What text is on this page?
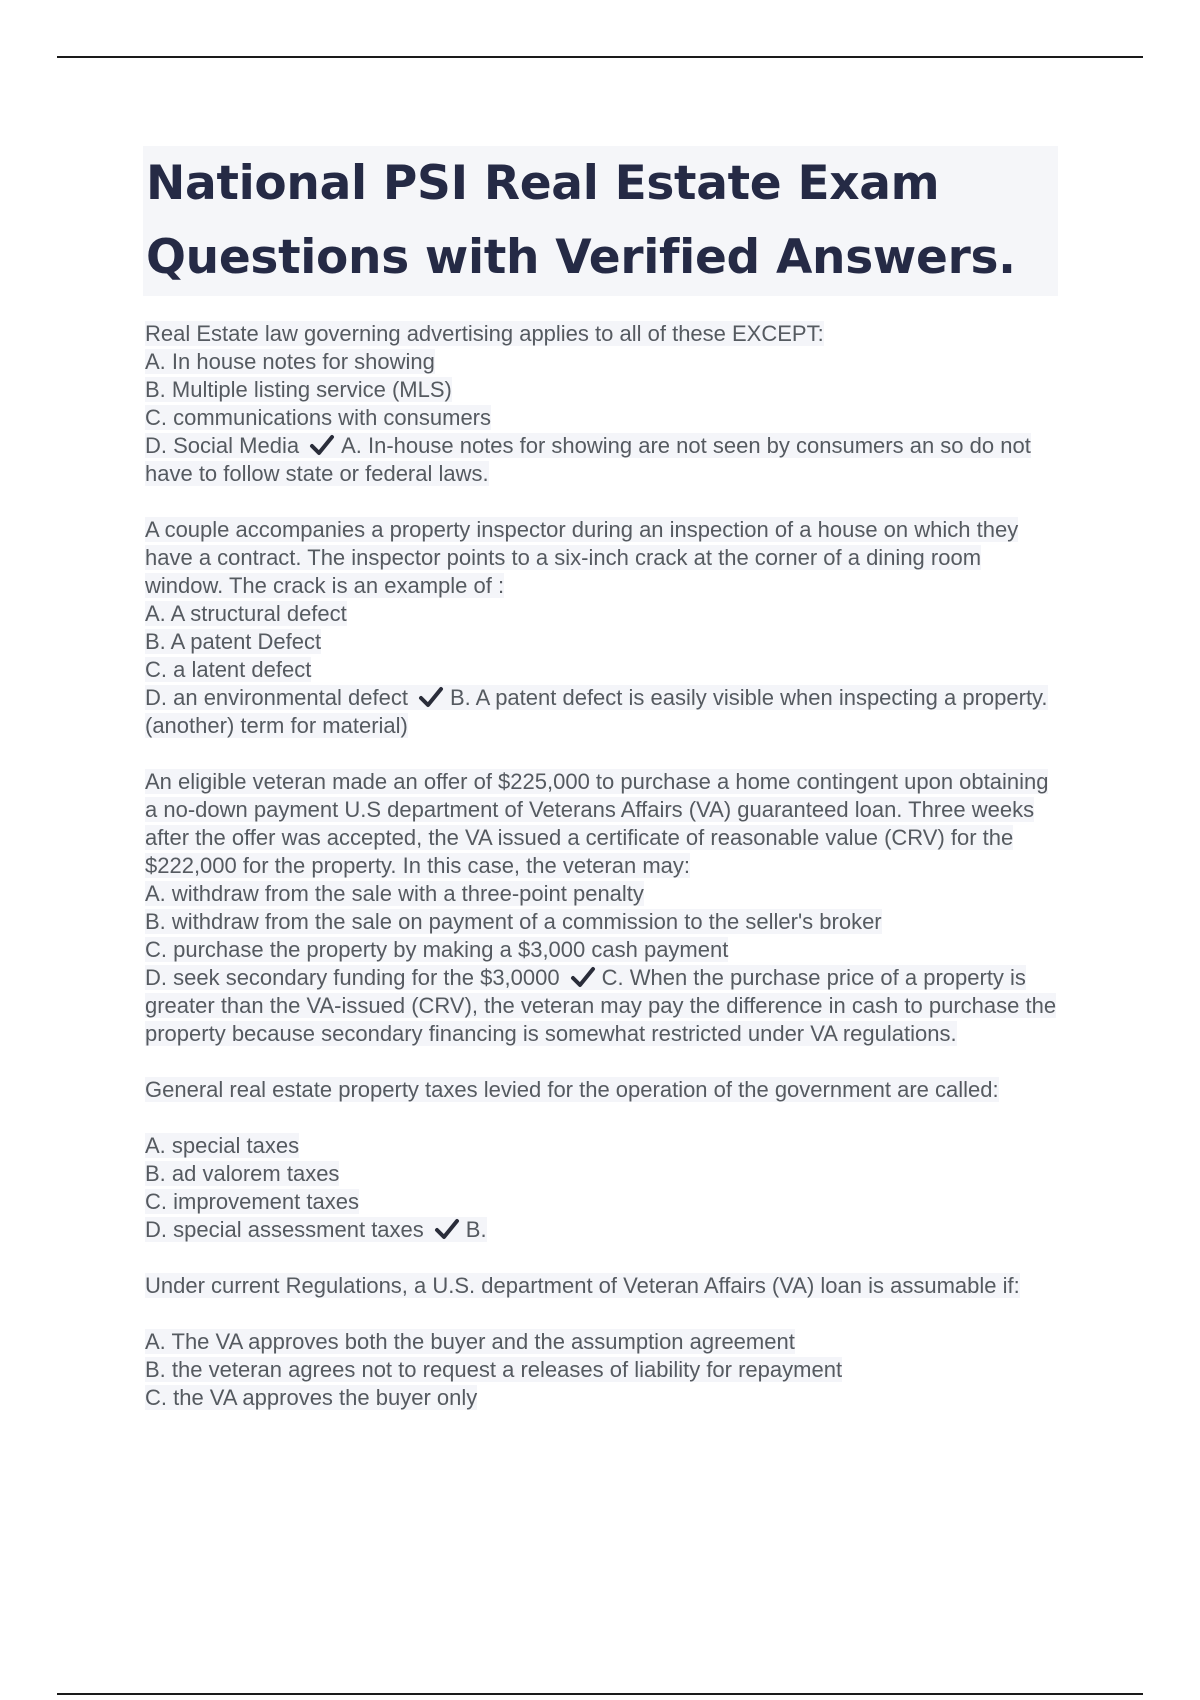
National PSI Real Estate Exam
Questions with Verified Answers.
Real Estate law governing advertising applies to all of these EXCEPT:
A. In house notes for showing
B. Multiple listing service (MLS)
C. communications with consumers
D. Social Media A. In-house notes for showing are not seen by consumers an so do not have to follow state or federal laws.
A couple accompanies a property inspector during an inspection of a house on which they have a contract. The inspector points to a six-inch crack at the corner of a dining room window. The crack is an example of :
A. A structural defect
B. A patent Defect
C. a latent defect
D. an environmental defect B. A patent defect is easily visible when inspecting a property. (another) term for material)
An eligible veteran made an offer of $225,000 to purchase a home contingent upon obtaining a no-down payment U.S department of Veterans Affairs (VA) guaranteed loan. Three weeks after the offer was accepted, the VA issued a certificate of reasonable value (CRV) for the $222,000 for the property. In this case, the veteran may:
A. withdraw from the sale with a three-point penalty
B. withdraw from the sale on payment of a commission to the seller's broker
C. purchase the property by making a $3,000 cash payment
D. seek secondary funding for the $3,0000 C. When the purchase price of a property is greater than the VA-issued (CRV), the veteran may pay the difference in cash to purchase the property because secondary financing is somewhat restricted under VA regulations.
General real estate property taxes levied for the operation of the government are called:
A. special taxes
B. ad valorem taxes
C. improvement taxes
D. special assessment taxes B.
Under current Regulations, a U.S. department of Veteran Affairs (VA) loan is assumable if:
A. The VA approves both the buyer and the assumption agreement
B. the veteran agrees not to request a releases of liability for repayment
C. the VA approves the buyer only
